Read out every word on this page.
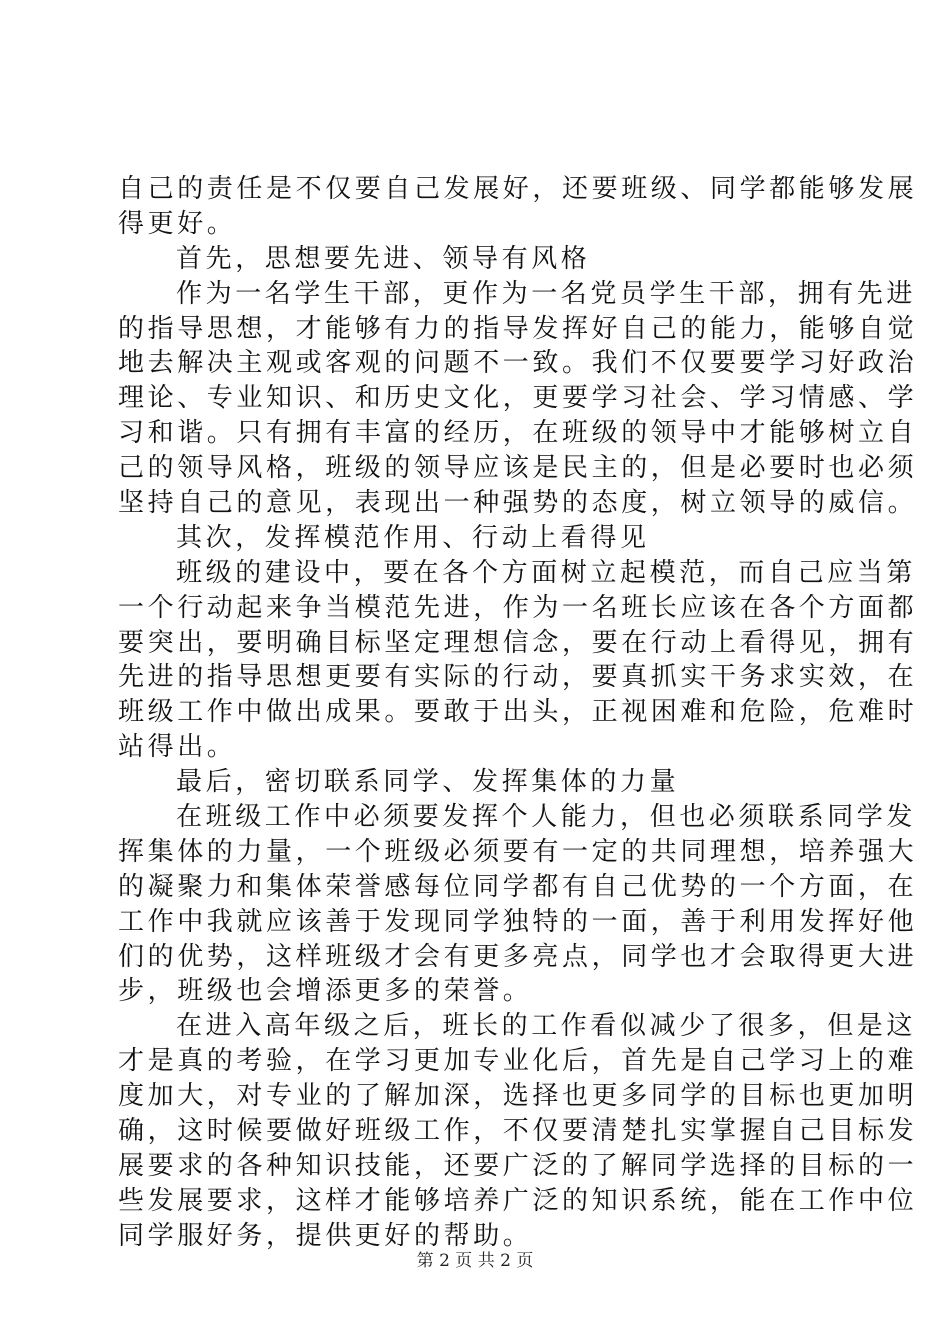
自己的责任是不仅要自己发展好，还要班级、同学都能够发展
得更好。
首先，思想要先进、领导有风格
作为一名学生干部，更作为一名党员学生干部，拥有先进
的指导思想，才能够有力的指导发挥好自己的能力，能够自觉
地去解决主观或客观的问题不一致。我们不仅要要学习好政治
理论、专业知识、和历史文化，更要学习社会、学习情感、学
习和谐。只有拥有丰富的经历，在班级的领导中才能够树立自
己的领导风格，班级的领导应该是民主的，但是必要时也必须
坚持自己的意见，表现出一种强势的态度，树立领导的威信。
其次，发挥模范作用、行动上看得见
班级的建设中，要在各个方面树立起模范，而自己应当第
一个行动起来争当模范先进，作为一名班长应该在各个方面都
要突出，要明确目标坚定理想信念，要在行动上看得见，拥有
先进的指导思想更要有实际的行动，要真抓实干务求实效，在
班级工作中做出成果。要敢于出头，正视困难和危险，危难时
站得出。
最后，密切联系同学、发挥集体的力量
在班级工作中必须要发挥个人能力，但也必须联系同学发
挥集体的力量，一个班级必须要有一定的共同理想，培养强大
的凝聚力和集体荣誉感每位同学都有自己优势的一个方面，在
工作中我就应该善于发现同学独特的一面，善于利用发挥好他
们的优势，这样班级才会有更多亮点，同学也才会取得更大进
步，班级也会增添更多的荣誉。
在进入高年级之后，班长的工作看似减少了很多，但是这
才是真的考验，在学习更加专业化后，首先是自己学习上的难
度加大，对专业的了解加深，选择也更多同学的目标也更加明
确，这时候要做好班级工作，不仅要清楚扎实掌握自己目标发
展要求的各种知识技能，还要广泛的了解同学选择的目标的一
些发展要求，这样才能够培养广泛的知识系统，能在工作中位
同学服好务，提供更好的帮助。
第 2 页 共 2 页
